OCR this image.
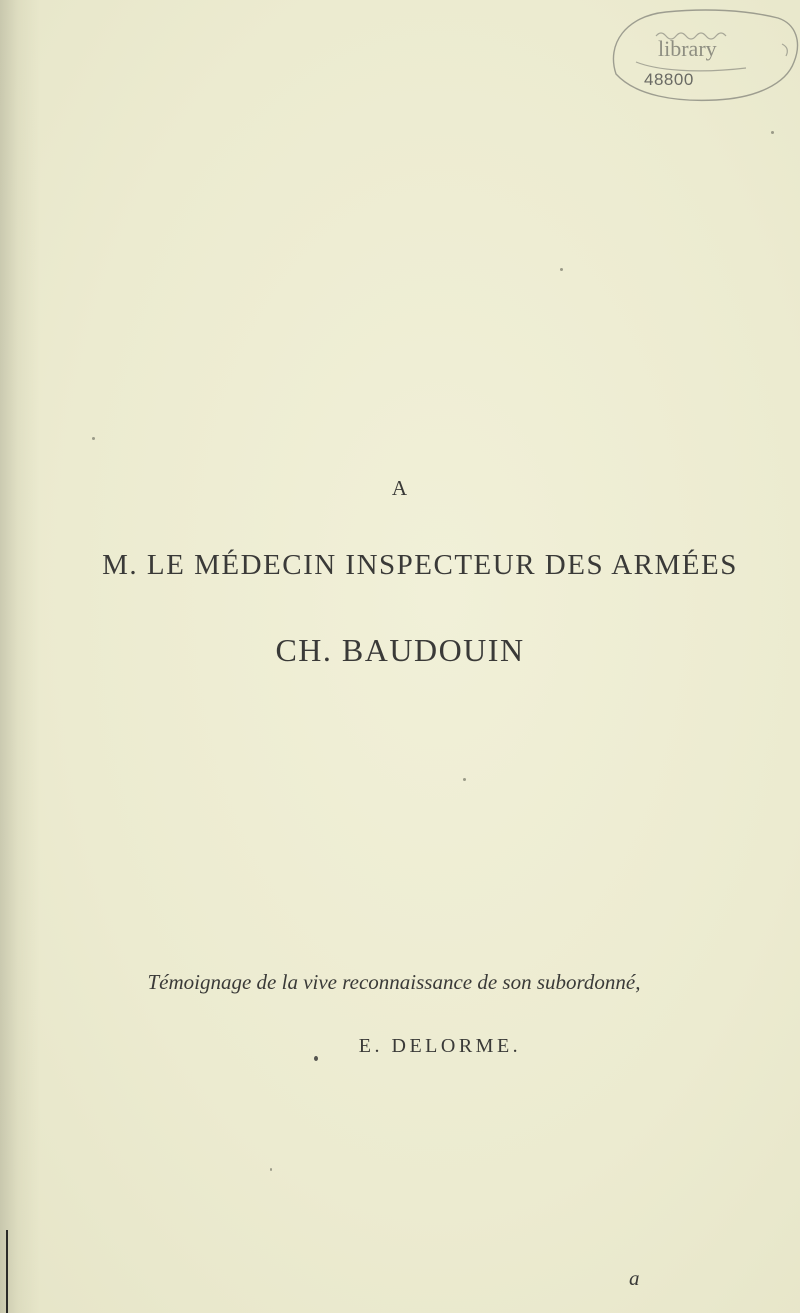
library
48800
A
M. LE MÉDECIN INSPECTEUR DES ARMÉES
CH. BAUDOUIN
Témoignage de la vive reconnaissance de son subordonné,
E. DELORME.
a
